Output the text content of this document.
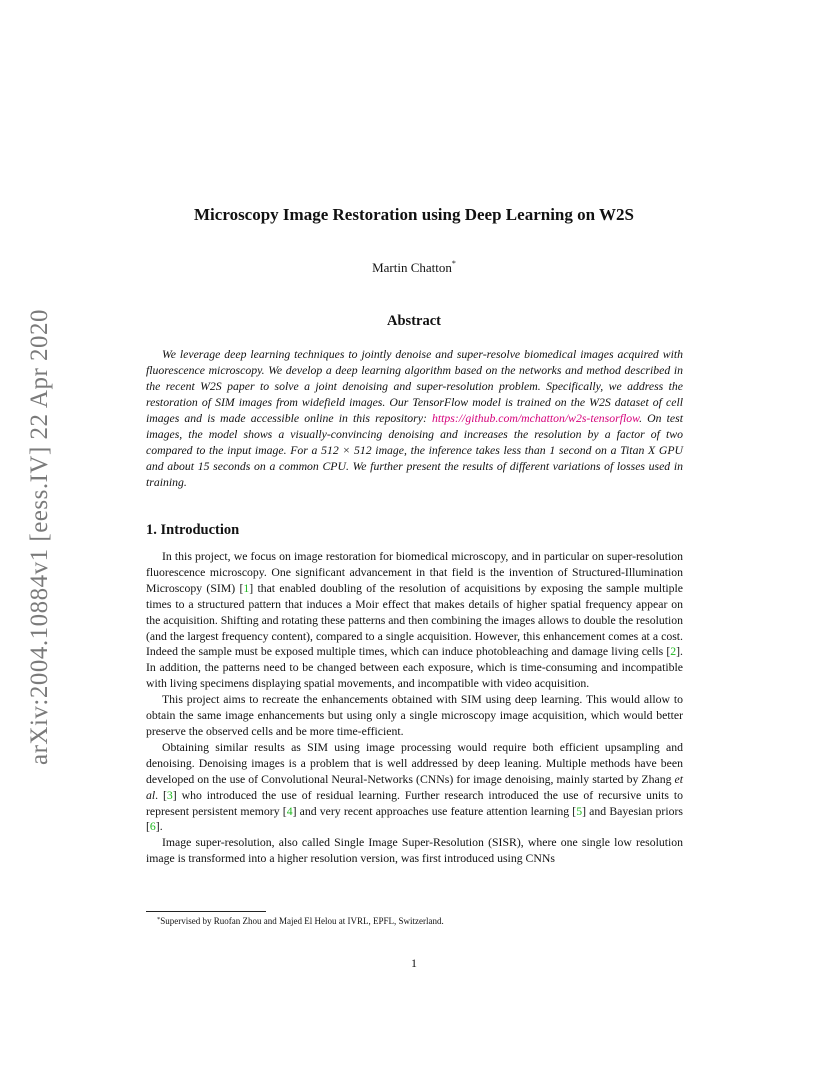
arXiv:2004.10884v1 [eess.IV] 22 Apr 2020
Microscopy Image Restoration using Deep Learning on W2S
Martin Chatton*
Abstract

We leverage deep learning techniques to jointly denoise and super-resolve biomedical images acquired with fluorescence microscopy. We develop a deep learning algorithm based on the networks and method described in the recent W2S paper to solve a joint denoising and super-resolution problem. Specifically, we address the restoration of SIM images from widefield images. Our TensorFlow model is trained on the W2S dataset of cell images and is made accessible online in this repository: https://github.com/mchatton/w2s-tensorflow. On test images, the model shows a visually-convincing denoising and increases the resolution by a factor of two compared to the input image. For a 512 × 512 image, the inference takes less than 1 second on a Titan X GPU and about 15 seconds on a common CPU. We further present the results of different variations of losses used in training.

1. Introduction

In this project, we focus on image restoration for biomedical microscopy, and in particular on super-resolution fluorescence microscopy. One significant advancement in that field is the invention of Structured-Illumination Microscopy (SIM) [1] that enabled doubling of the resolution of acquisitions by exposing the sample multiple times to a structured pattern that induces a Moir effect that makes details of higher spatial frequency appear on the acquisition. Shifting and rotating these patterns and then combining the images allows to double the resolution (and the largest frequency content), compared to a single acquisition. However, this enhancement comes at a cost. Indeed the sample must be exposed multiple times, which can induce photobleaching and damage living cells [2]. In addition, the patterns need to be changed between each exposure, which is time-consuming and incompatible with living specimens displaying spatial movements, and incompatible with video acquisition.

This project aims to recreate the enhancements obtained with SIM using deep learning. This would allow to obtain the same image enhancements but using only a single microscopy image acquisition, which would better preserve the observed cells and be more time-efficient.

Obtaining similar results as SIM using image processing would require both efficient upsampling and denoising. Denoising images is a problem that is well addressed by deep leaning. Multiple methods have been developed on the use of Convolutional Neural-Networks (CNNs) for image denoising, mainly started by Zhang et al. [3] who introduced the use of residual learning. Further research introduced the use of recursive units to represent persistent memory [4] and very recent approaches use feature attention learning [5] and Bayesian priors [6].

Image super-resolution, also called Single Image Super-Resolution (SISR), where one single low resolution image is transformed into a higher resolution version, was first introduced using CNNs

*Supervised by Ruofan Zhou and Majed El Helou at IVRL, EPFL, Switzerland.
1
